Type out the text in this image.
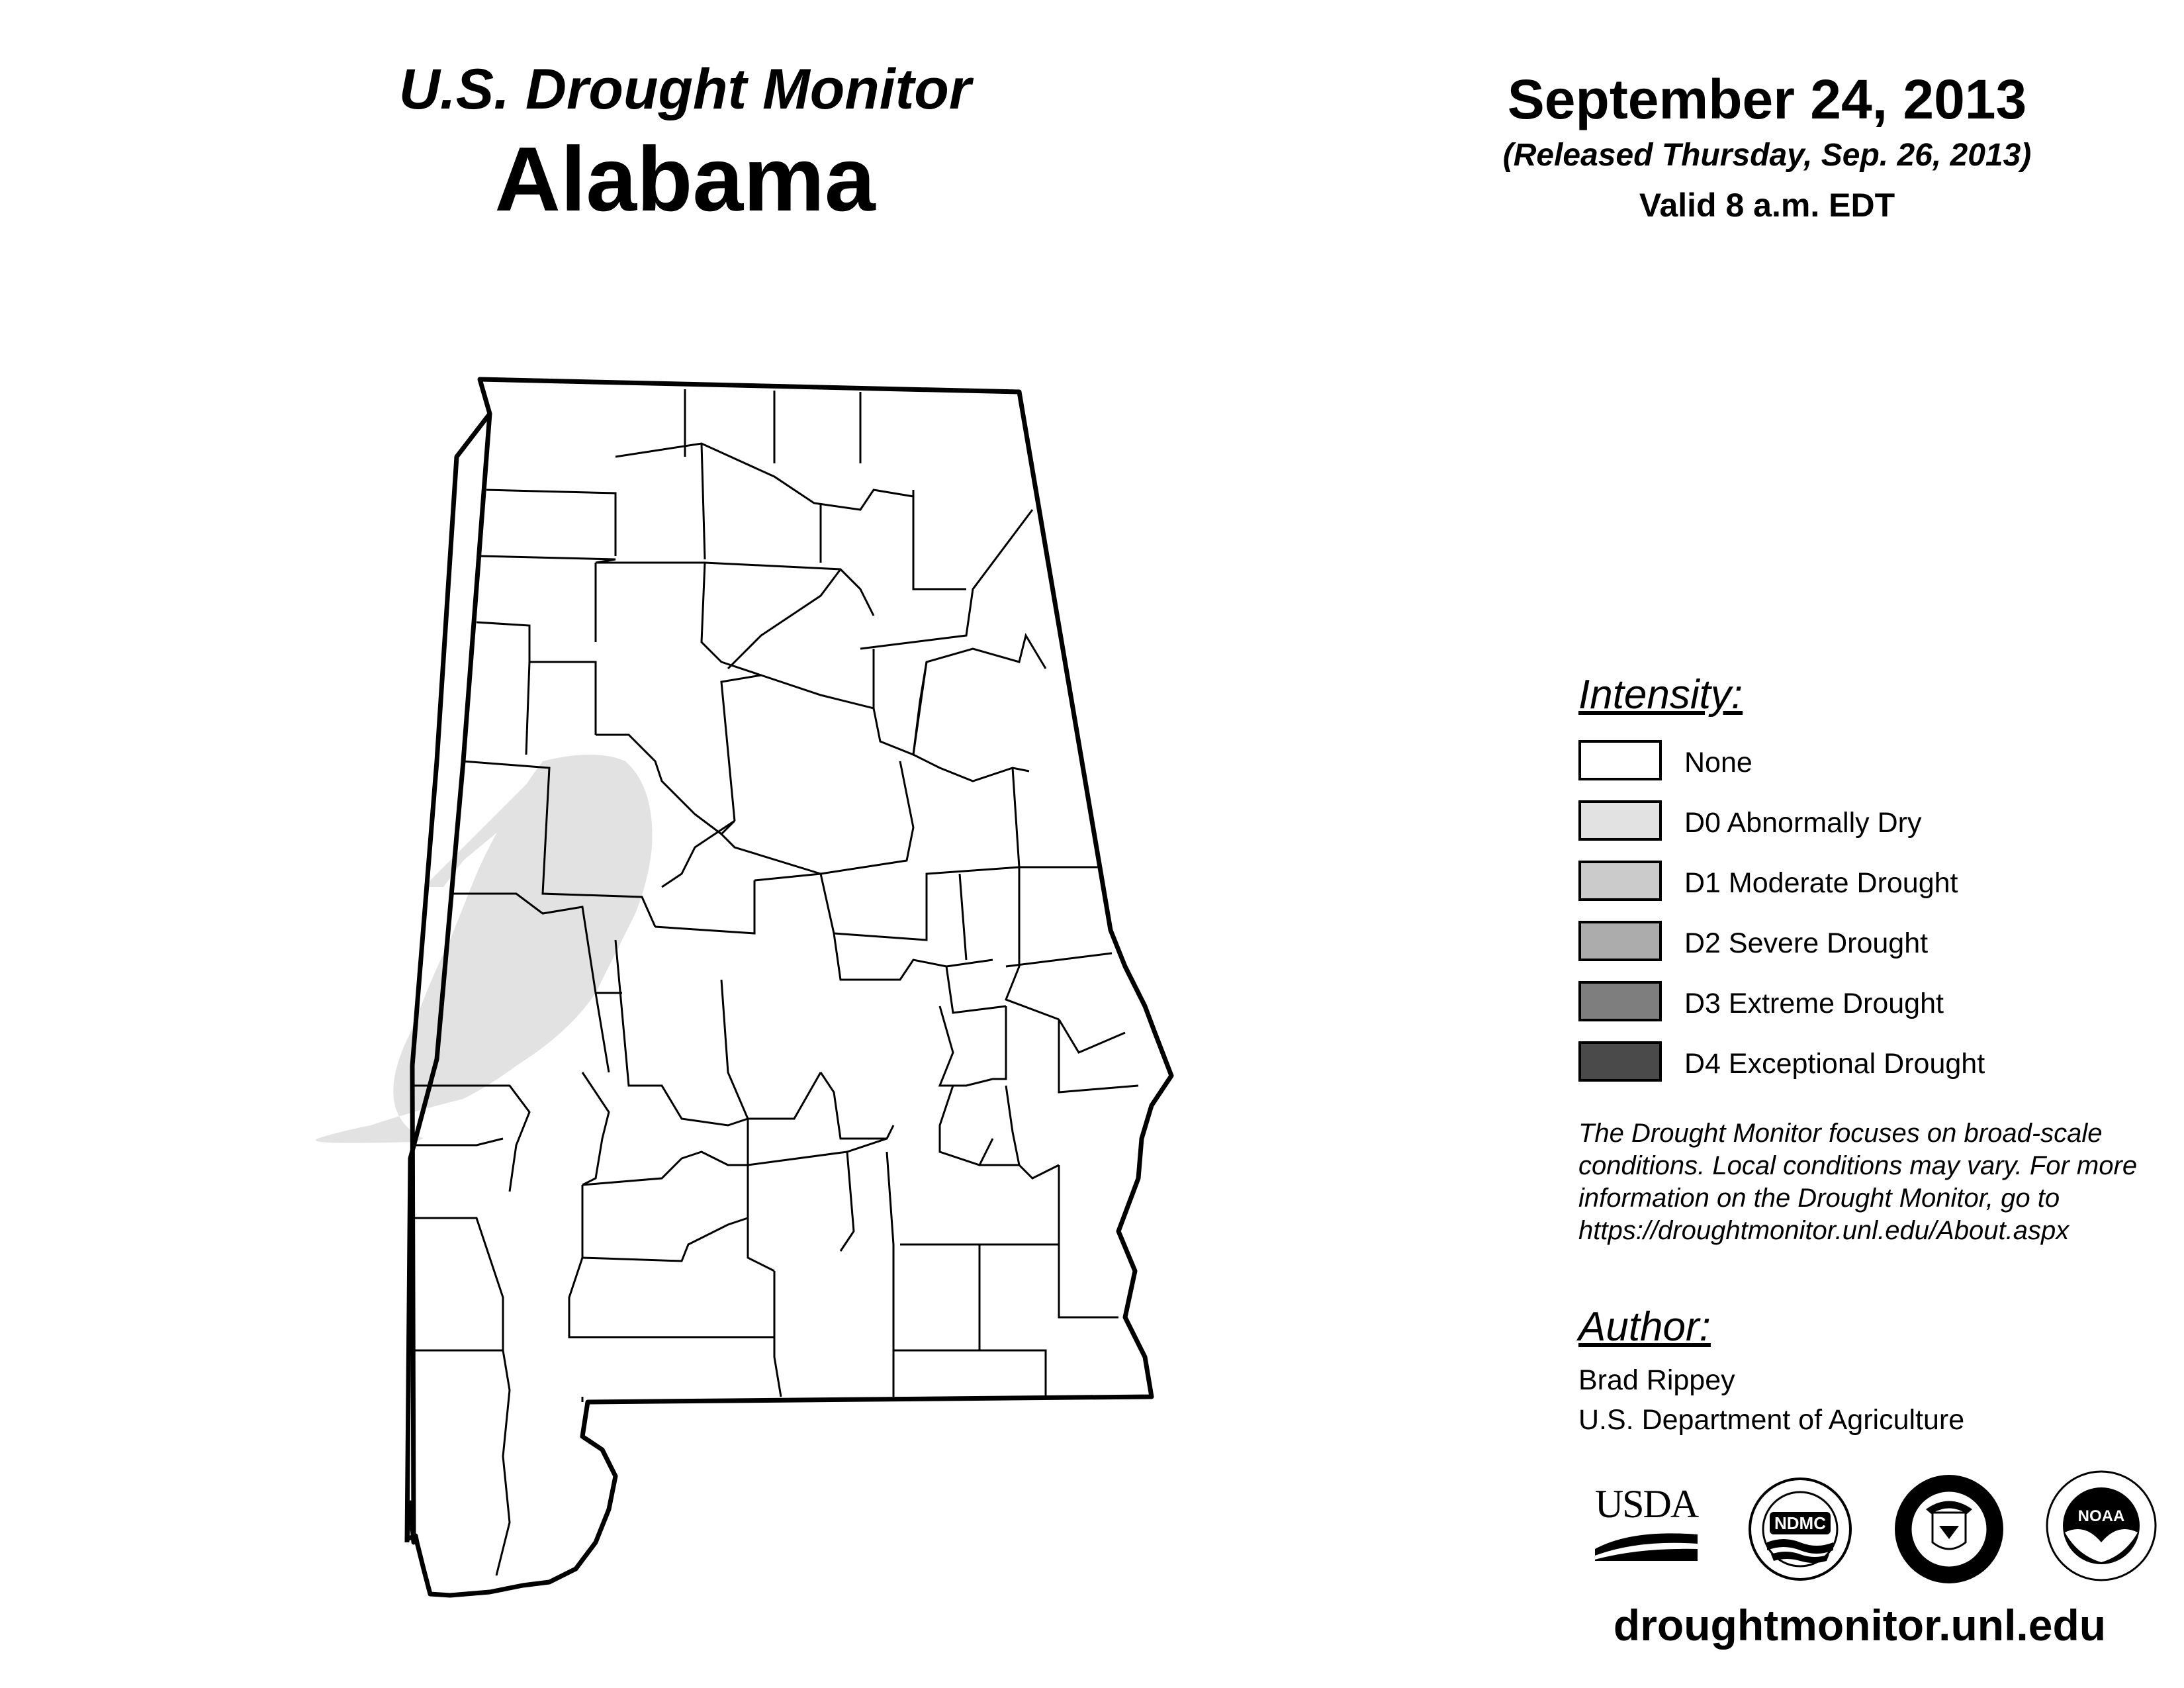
U.S. Drought Monitor
Alabama
September 24, 2013
(Released Thursday, Sep. 26, 2013)
Valid 8 a.m. EDT
Intensity:
None
D0 Abnormally Dry
D1 Moderate Drought
D2 Severe Drought
D3 Extreme Drought
D4 Exceptional Drought
The Drought Monitor focuses on broad-scale conditions. Local conditions may vary. For more information on the Drought Monitor, go to https://droughtmonitor.unl.edu/About.aspx
Author:
Brad Rippey
U.S. Department of Agriculture
USDA	NDMC	NOAA
droughtmonitor.unl.edu
